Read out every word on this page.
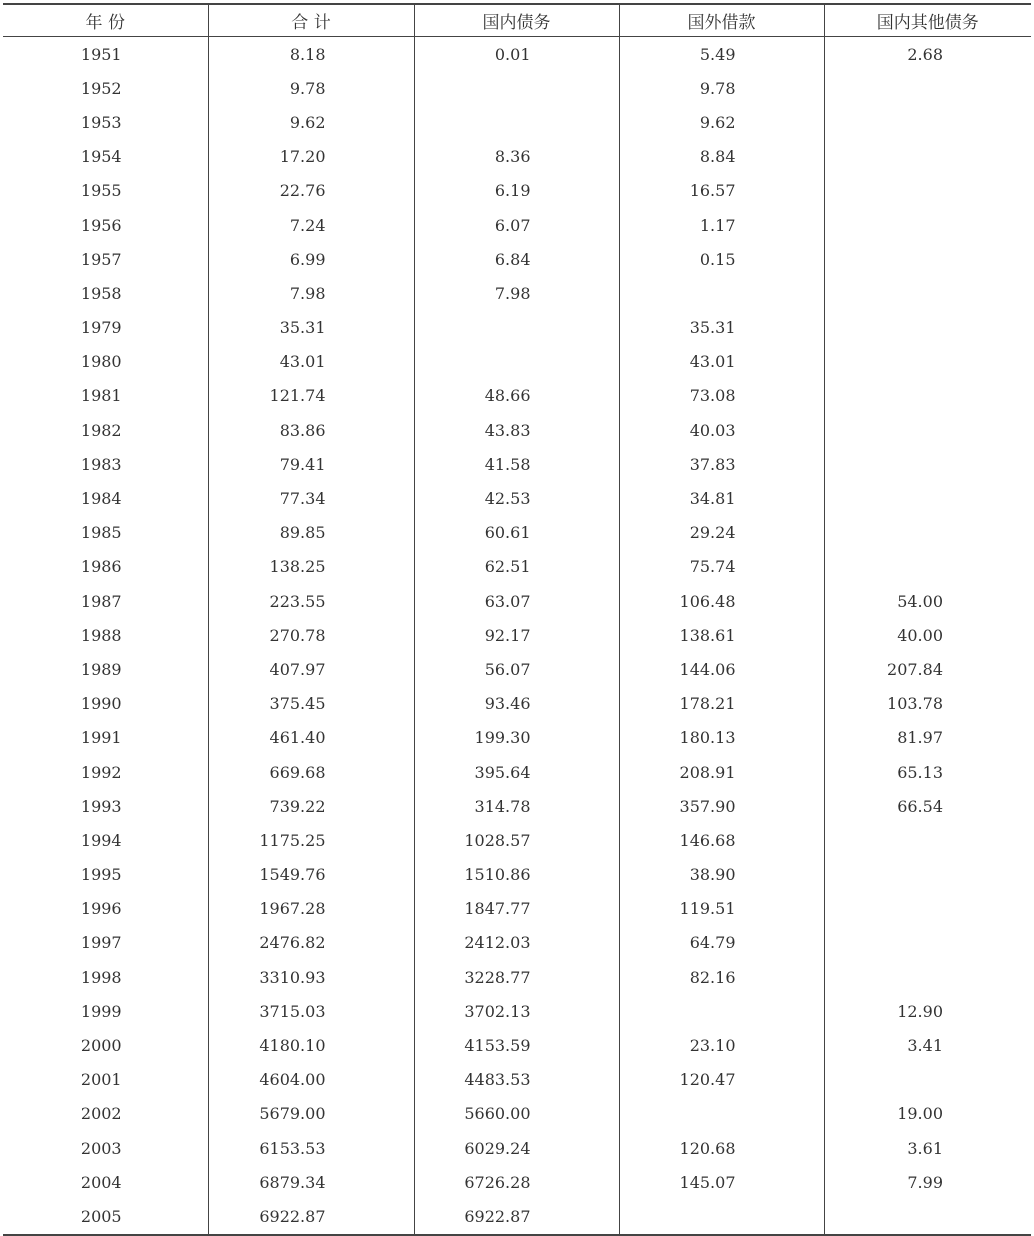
年 份	合 计	国内债务	国外借款	国内其他债务
1951	8.18	0.01	5.49	2.68
1952	9.78		9.78	
1953	9.62		9.62	
1954	17.20	8.36	8.84	
1955	22.76	6.19	16.57	
1956	7.24	6.07	1.17	
1957	6.99	6.84	0.15	
1958	7.98	7.98		
1979	35.31		35.31	
1980	43.01		43.01	
1981	121.74	48.66	73.08	
1982	83.86	43.83	40.03	
1983	79.41	41.58	37.83	
1984	77.34	42.53	34.81	
1985	89.85	60.61	29.24	
1986	138.25	62.51	75.74	
1987	223.55	63.07	106.48	54.00
1988	270.78	92.17	138.61	40.00
1989	407.97	56.07	144.06	207.84
1990	375.45	93.46	178.21	103.78
1991	461.40	199.30	180.13	81.97
1992	669.68	395.64	208.91	65.13
1993	739.22	314.78	357.90	66.54
1994	1175.25	1028.57	146.68	
1995	1549.76	1510.86	38.90	
1996	1967.28	1847.77	119.51	
1997	2476.82	2412.03	64.79	
1998	3310.93	3228.77	82.16	
1999	3715.03	3702.13		12.90
2000	4180.10	4153.59	23.10	3.41
2001	4604.00	4483.53	120.47	
2002	5679.00	5660.00		19.00
2003	6153.53	6029.24	120.68	3.61
2004	6879.34	6726.28	145.07	7.99
2005	6922.87	6922.87		
